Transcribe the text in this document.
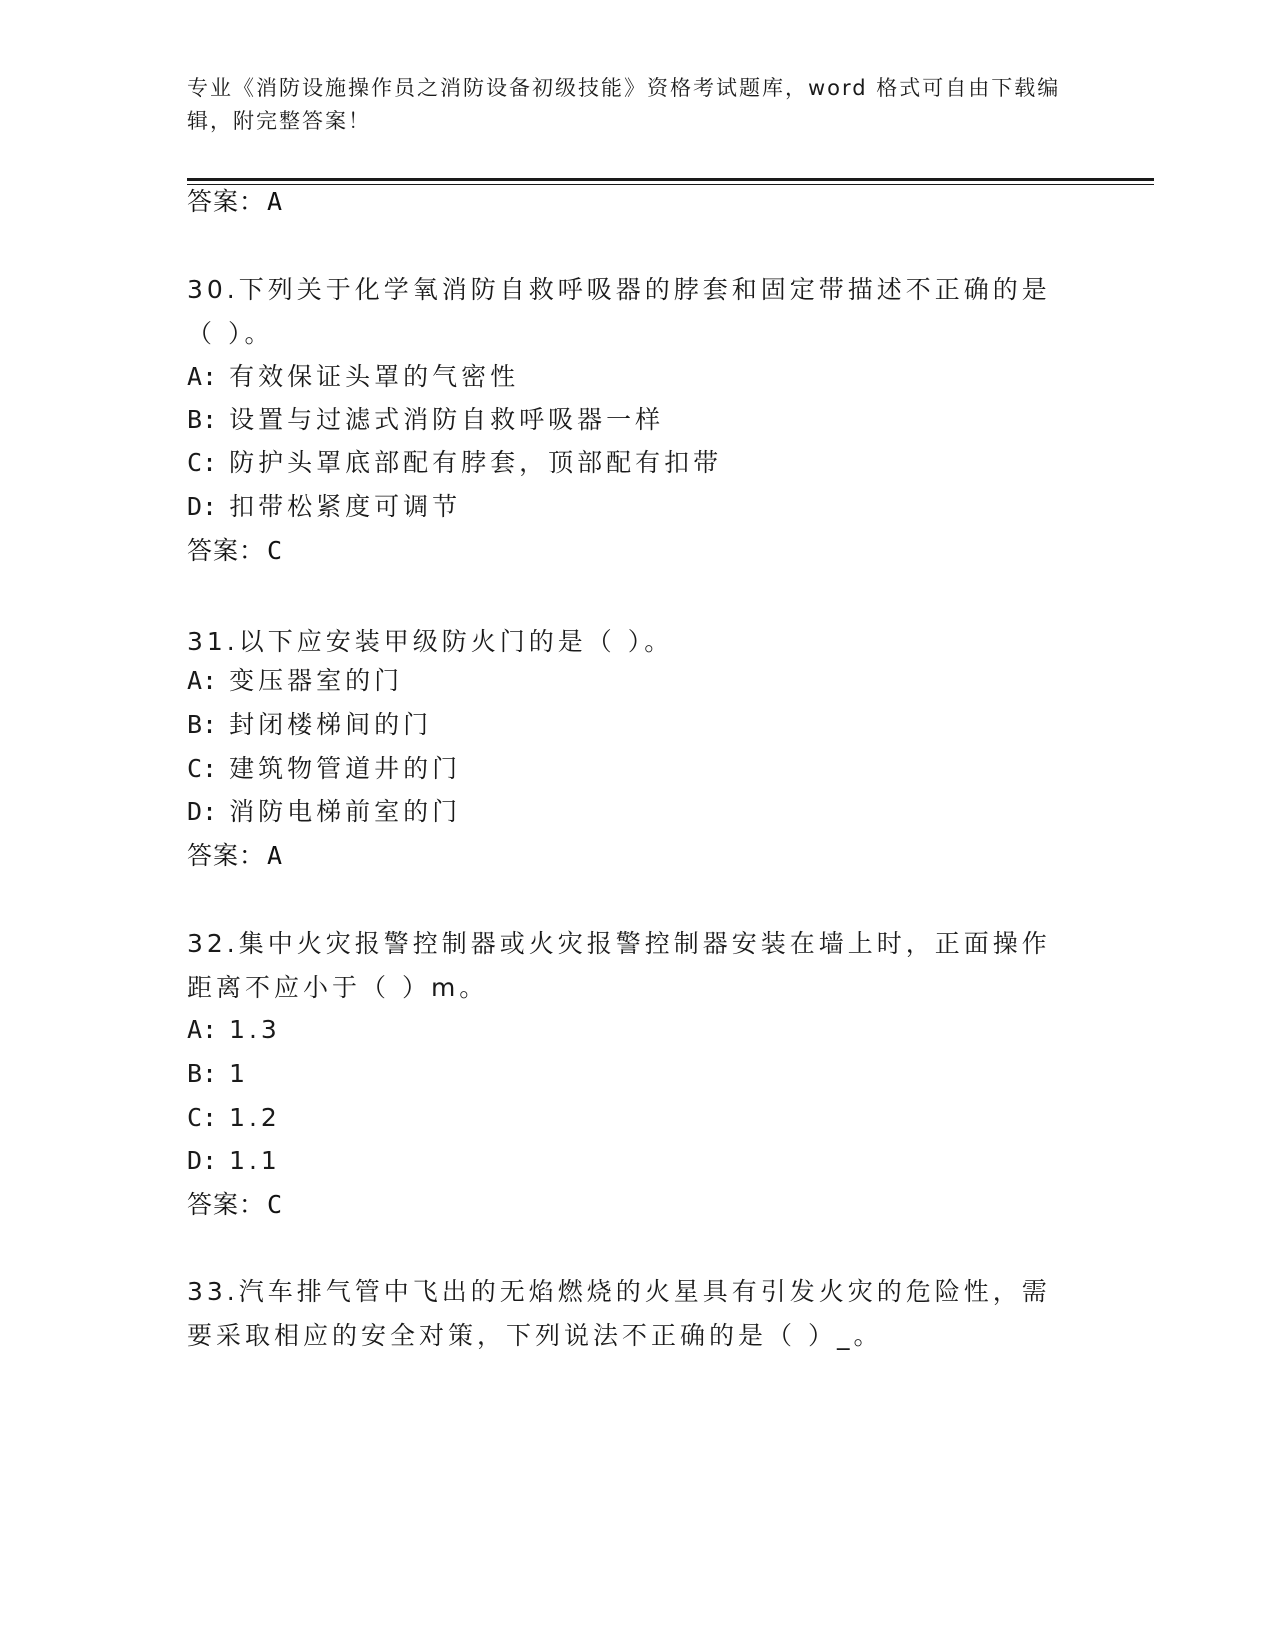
专业《消防设施操作员之消防设备初级技能》资格考试题库，word 格式可自由下载编辑，附完整答案！
答案：A
30.下列关于化学氧消防自救呼吸器的脖套和固定带描述不正确的是（ ）。
A: 有效保证头罩的气密性
B: 设置与过滤式消防自救呼吸器一样
C: 防护头罩底部配有脖套，顶部配有扣带
D: 扣带松紧度可调节
答案：C
31.以下应安装甲级防火门的是（ ）。
A: 变压器室的门
B: 封闭楼梯间的门
C: 建筑物管道井的门
D: 消防电梯前室的门
答案：A
32.集中火灾报警控制器或火灾报警控制器安装在墙上时，正面操作距离不应小于（ ）m。
A: 1.3
B: 1
C: 1.2
D: 1.1
答案：C
33.汽车排气管中飞出的无焰燃烧的火星具有引发火灾的危险性，需要采取相应的安全对策，下列说法不正确的是（ ）_。
